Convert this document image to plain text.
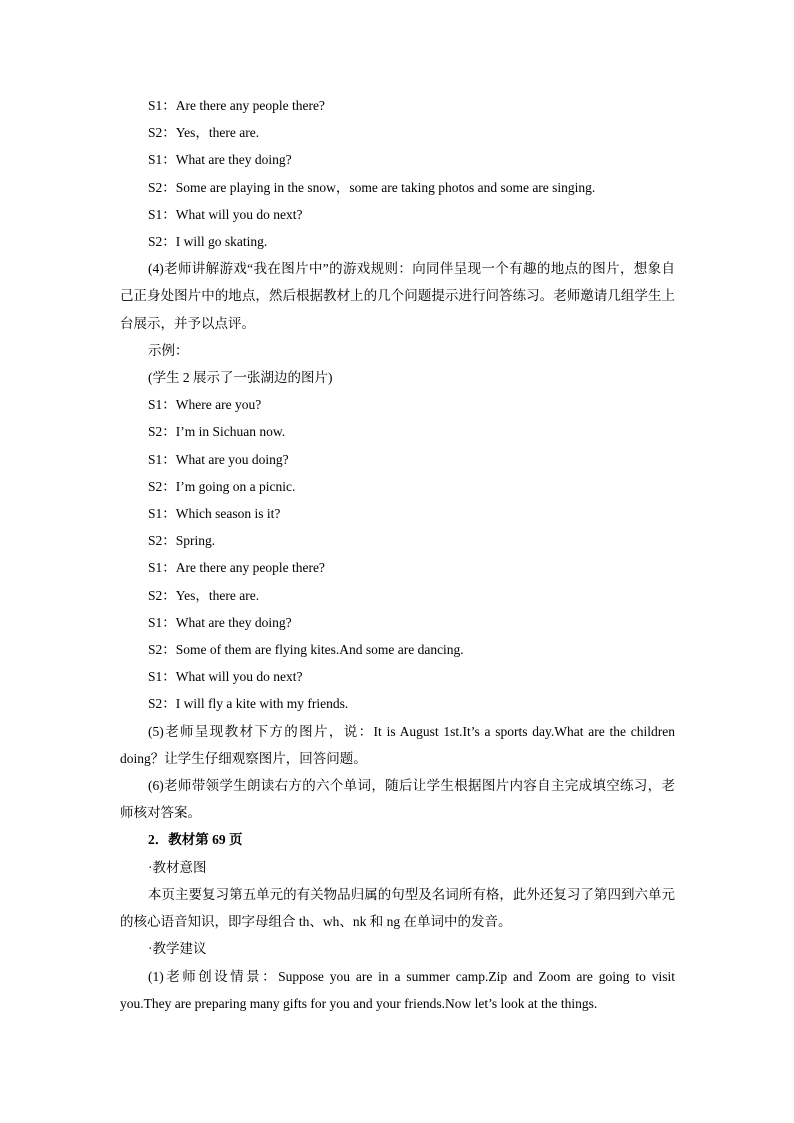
S1：Are there any people there?

S2：Yes，there are.

S1：What are they doing?

S2：Some are playing in the snow，some are taking photos and some are singing.

S1：What will you do next?

S2：I will go skating.

(4)老师讲解游戏“我在图片中”的游戏规则：向同伴呈现一个有趣的地点的图片，想象自己正身处图片中的地点，然后根据教材上的几个问题提示进行问答练习。老师邀请几组学生上台展示，并予以点评。

示例：

(学生 2 展示了一张湖边的图片)

S1：Where are you?

S2：I’m in Sichuan now.

S1：What are you doing?

S2：I’m going on a picnic.

S1：Which season is it?

S2：Spring.

S1：Are there any people there?

S2：Yes，there are.

S1：What are they doing?

S2：Some of them are flying kites.And some are dancing.

S1：What will you do next?

S2：I will fly a kite with my friends.

(5)老师呈现教材下方的图片，说：It is August 1st.It’s a sports day.What are the children doing？让学生仔细观察图片，回答问题。

(6)老师带领学生朗读右方的六个单词，随后让学生根据图片内容自主完成填空练习，老师核对答案。

2．教材第 69 页

·教材意图

本页主要复习第五单元的有关物品归属的句型及名词所有格，此外还复习了第四到六单元的核心语音知识，即字母组合 th、wh、nk 和 ng 在单词中的发音。

·教学建议

(1)老师创设情景：Suppose you are in a summer camp.Zip and Zoom are going to visit you.They are preparing many gifts for you and your friends.Now let’s look at the things.
